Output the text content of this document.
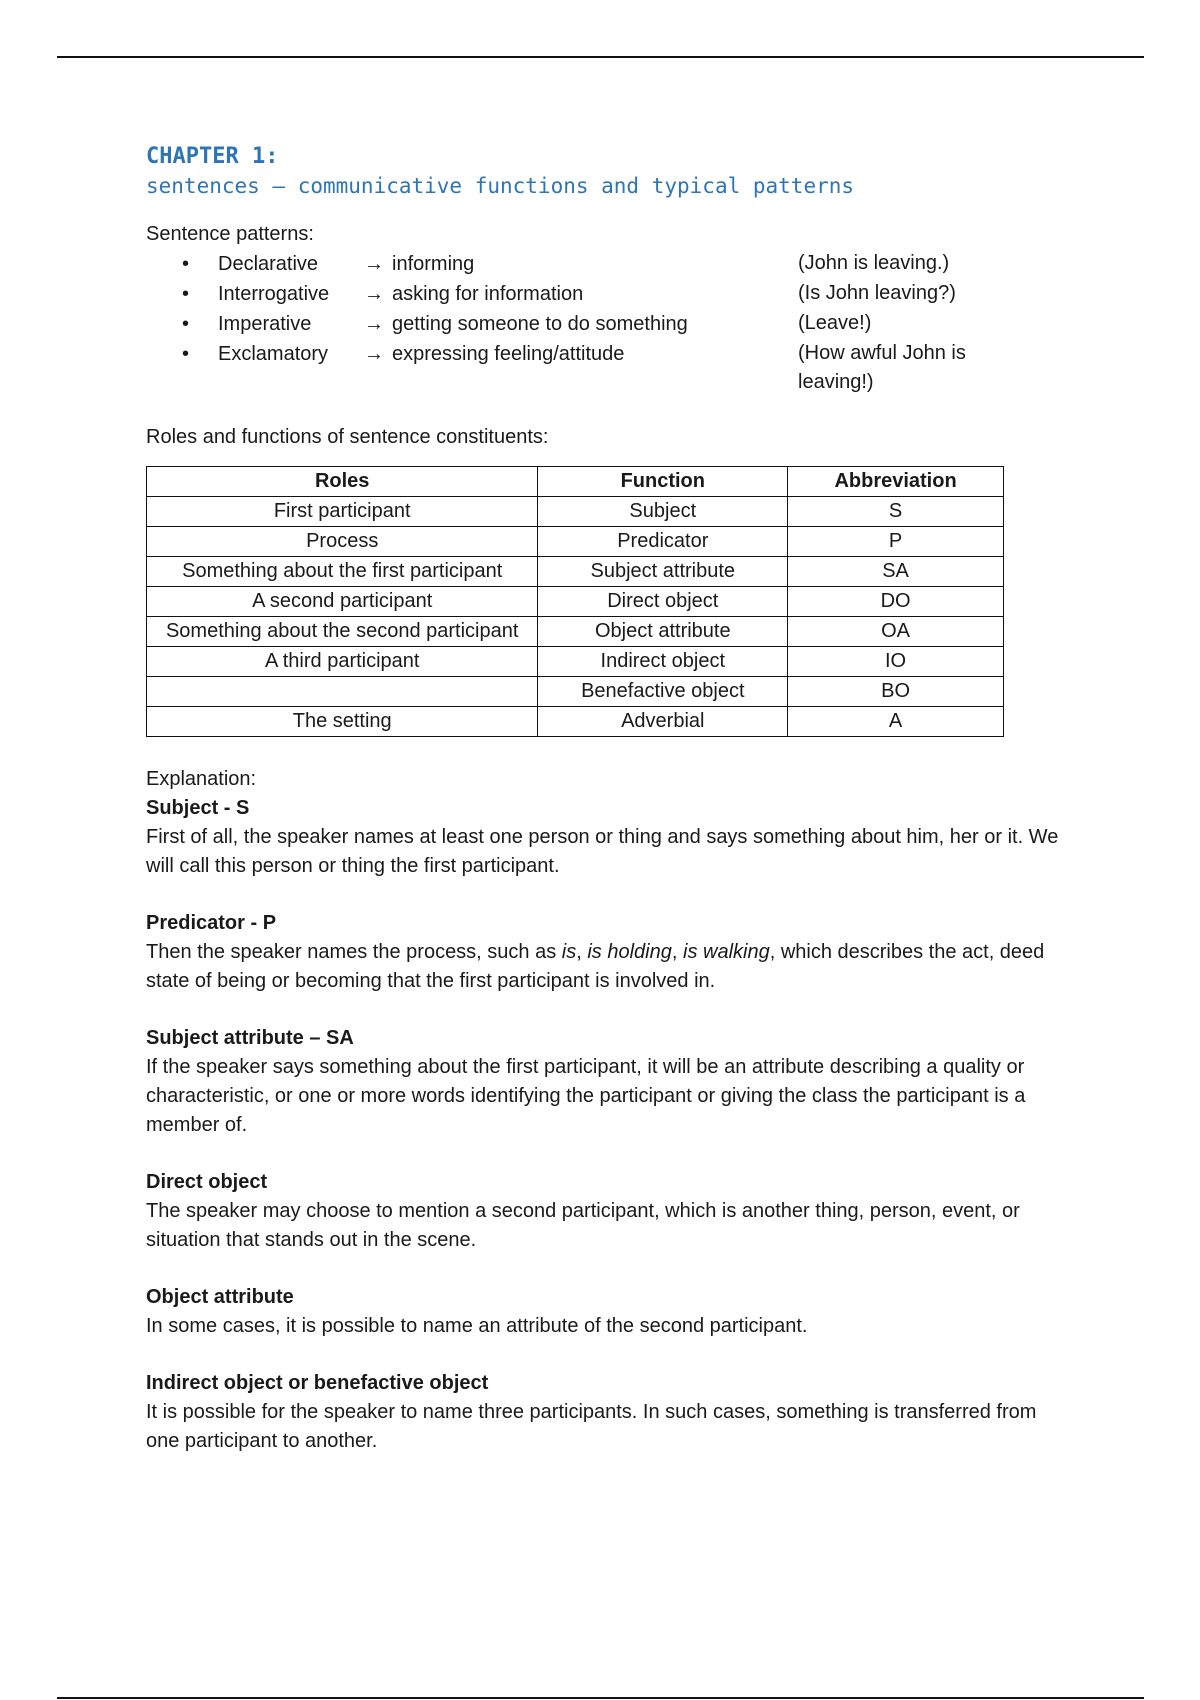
CHAPTER 1:
sentences – communicative functions and typical patterns
Sentence patterns:
• Declarative → informing	(John is leaving.)
• Interrogative → asking for information	(Is John leaving?)
• Imperative	→ getting someone to do something	(Leave!)
• Exclamatory → expressing feeling/attitude	(How awful John is leaving!)
Roles and functions of sentence constituents:
Roles	Function	Abbreviation
First participant	Subject	S
Process	Predicator	P
Something about the first participant	Subject attribute	SA
A second participant	Direct object	DO
Something about the second participant	Object attribute	OA
A third participant	Indirect object	IO
	Benefactive object	BO
The setting	Adverbial	A
Explanation:
Subject - S

First of all, the speaker names at least one person or thing and says something about him, her or it. We will call this person or thing the first participant.

Predicator - P

Then the speaker names the process, such as is, is holding, is walking, which describes the act, deed state of being or becoming that the first participant is involved in.

Subject attribute – SA

If the speaker says something about the first participant, it will be an attribute describing a quality or characteristic, or one or more words identifying the participant or giving the class the participant is a member of.

Direct object

The speaker may choose to mention a second participant, which is another thing, person, event, or situation that stands out in the scene.

Object attribute

In some cases, it is possible to name an attribute of the second participant.

Indirect object or benefactive object

It is possible for the speaker to name three participants. In such cases, something is transferred from one participant to another.
